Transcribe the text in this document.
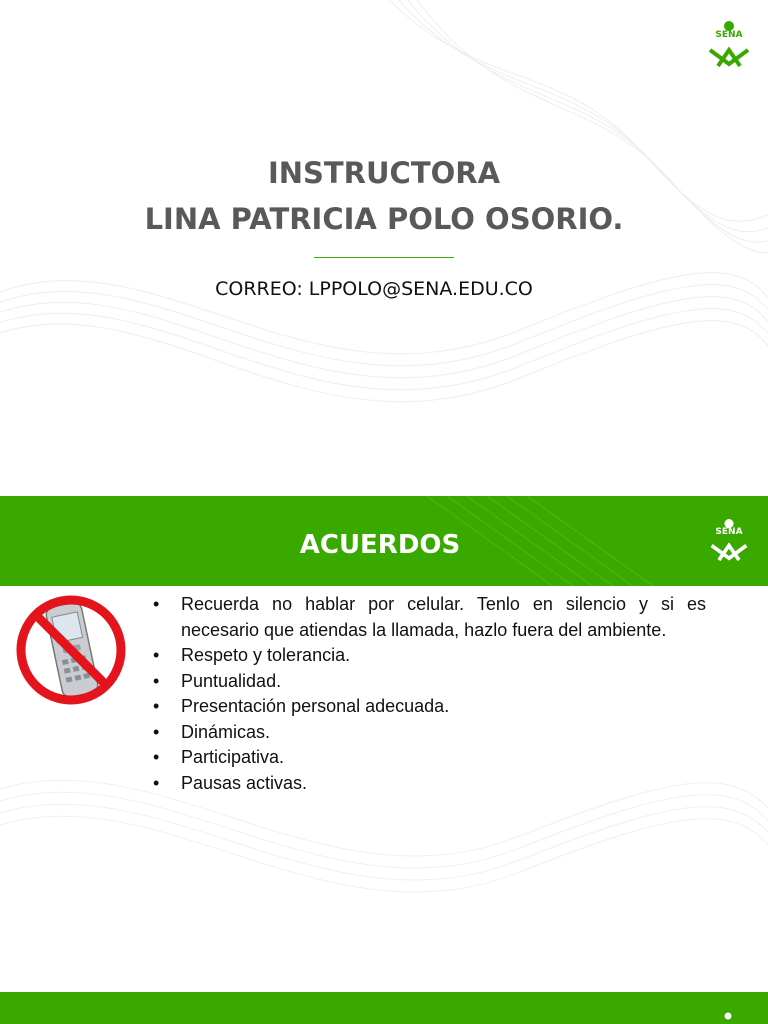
SENA
INSTRUCTORA
LINA PATRICIA POLO OSORIO.
CORREO: LPPOLO@SENA.EDU.CO
ACUERDOS	SENA
• Recuerda no hablar por celular. Tenlo en silencio y si es necesario que atiendas la llamada, hazlo fuera del ambiente.
• Respeto y tolerancia.
• Puntualidad.
• Presentación personal adecuada.
• Dinámicas.
• Participativa.
• Pausas activas.
